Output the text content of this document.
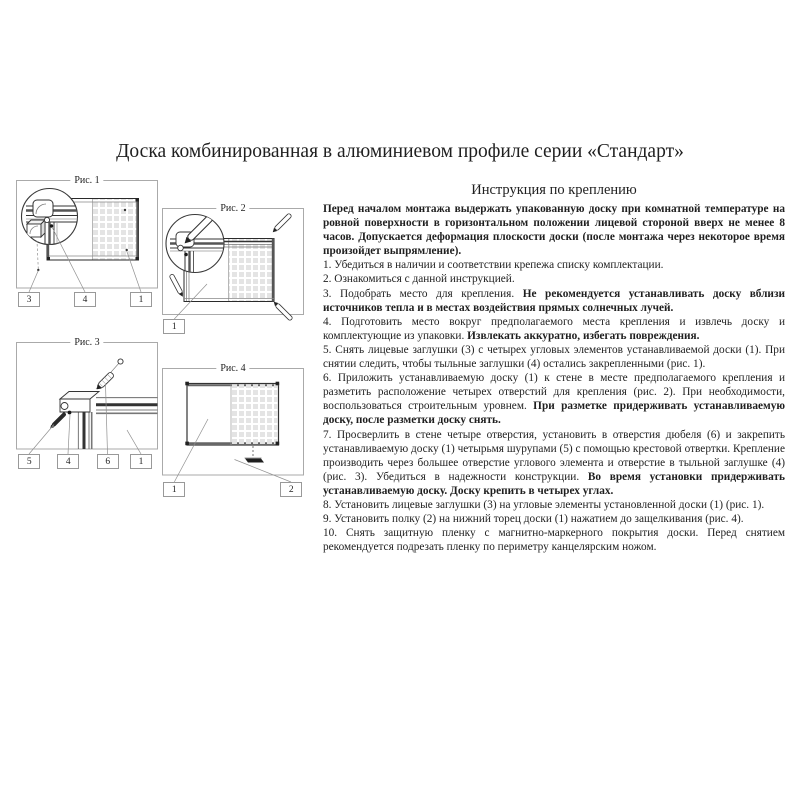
Доска комбинированная в алюминиевом профиле серии «Стандарт»
Рис. 1
3	4	1
Рис. 2
1
Рис. 3
5	4	6	1
Рис. 4
1	2
Инструкция по креплению

Перед началом монтажа выдержать упакованную доску при комнатной температуре на ровной поверхности в горизонтальном положении лицевой стороной вверх не менее 8 часов. Допускается деформация плоскости доски (после монтажа через некоторое время произойдет выпрямление).

1. Убедиться в наличии и соответствии крепежа списку комплектации.
2. Ознакомиться с данной инструкцией.
3. Подобрать место для крепления. Не рекомендуется устанавливать доску вблизи источников тепла и в местах воздействия прямых солнечных лучей.
4. Подготовить место вокруг предполагаемого места крепления и извлечь доску и комплектующие из упаковки. Извлекать аккуратно, избегать повреждения.
5. Снять лицевые заглушки (3) с четырех угловых элементов устанавливаемой доски (1). При снятии следить, чтобы тыльные заглушки (4) остались закрепленными (рис. 1).
6. Приложить устанавливаемую доску (1) к стене в месте предполагаемого крепления и разметить расположение четырех отверстий для крепления (рис. 2). При необходимости, воспользоваться строительным уровнем. При разметке придерживать устанавливаемую доску, после разметки доску снять.
7. Просверлить в стене четыре отверстия, установить в отверстия дюбеля (6) и закрепить устанавливаемую доску (1) четырьмя шурупами (5) с помощью крестовой отвертки. Крепление производить через большее отверстие углового элемента и отверстие в тыльной заглушке (4) (рис. 3). Убедиться в надежности конструкции. Во время установки придерживать устанавливаемую доску. Доску крепить в четырех углах.
8. Установить лицевые заглушки (3) на угловые элементы установленной доски (1) (рис. 1).
9. Установить полку (2) на нижний торец доски (1) нажатием до защелкивания (рис. 4).
10. Снять защитную пленку с магнитно-маркерного покрытия доски. Перед снятием рекомендуется подрезать пленку по периметру канцелярским ножом.
